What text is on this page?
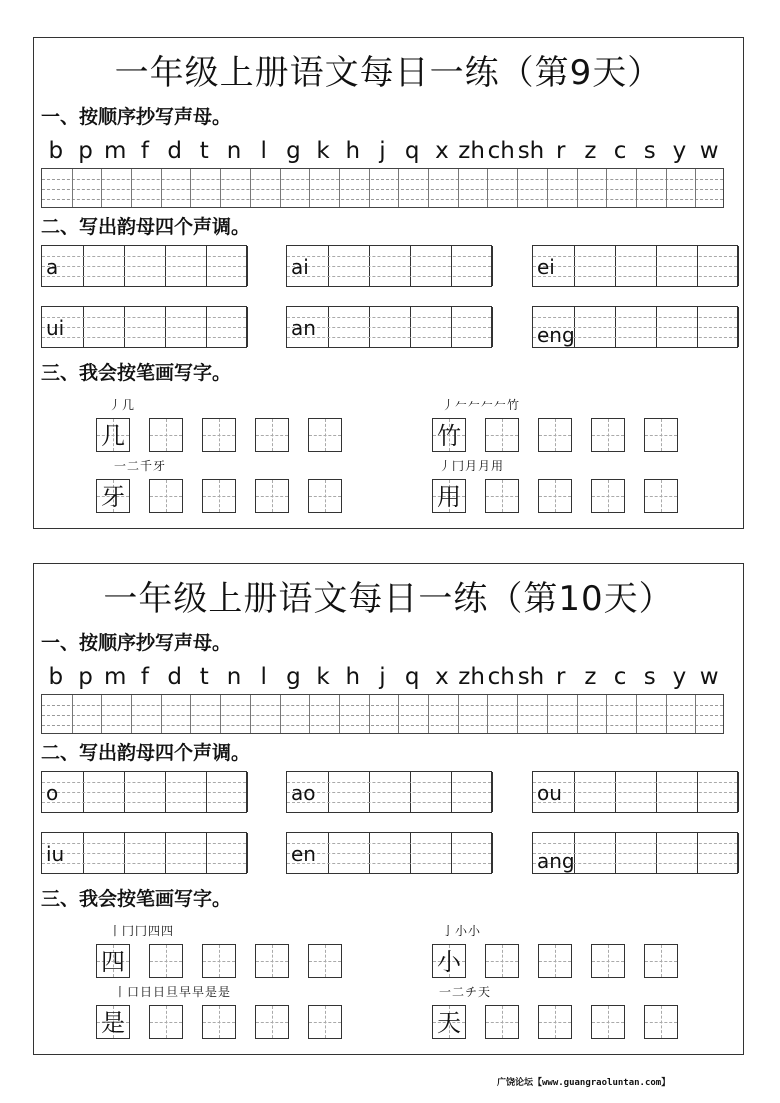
一年级上册语文每日一练（第9天）
一、按顺序抄写声母。
二、写出韵母四个声调。
三、我会按笔画写字。
b p m f d t n l g k h j q x zh ch sh r z c s y w
a	ai	ei
ui	an	eng
丿几
几
丿𠂉𠂉𠂉𠂉竹
竹
一二千牙
牙
丿冂月月用
用
一年级上册语文每日一练（第10天）
一、按顺序抄写声母。
二、写出韵母四个声调。
三、我会按笔画写字。
b p m f d t n l g k h j q x zh ch sh r z c s y w
o	ao	ou
iu	en	ang
丨冂冂四四
四
亅小小
小
丨口日日旦早早是是
是
一二チ天
天
广饶论坛【www.guangraoluntan.com】
